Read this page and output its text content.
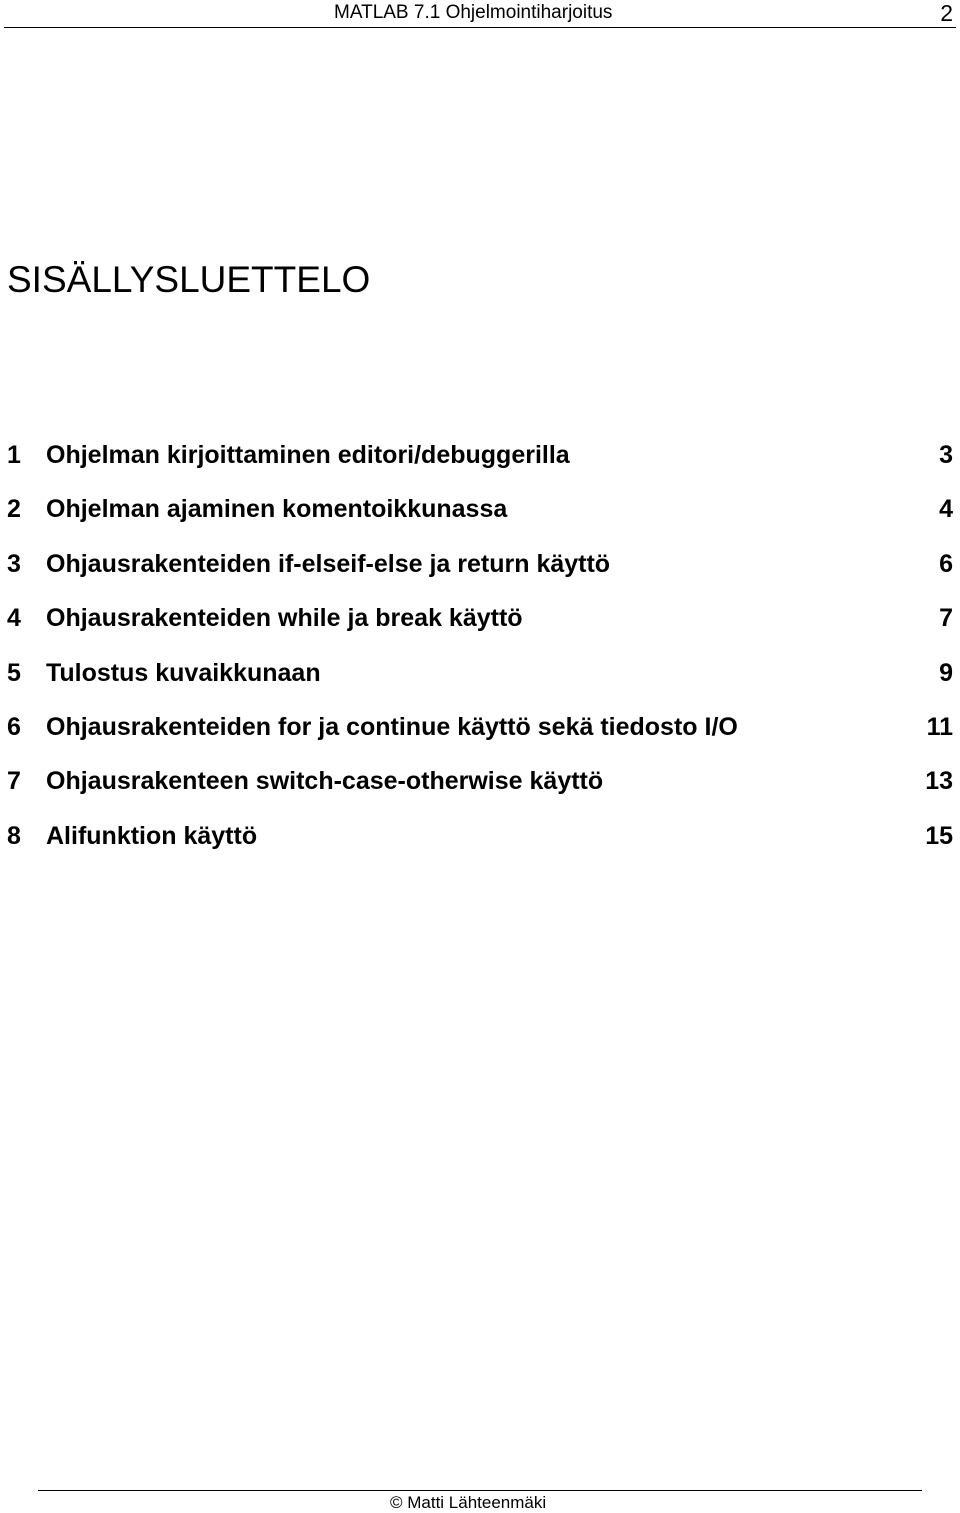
MATLAB 7.1 Ohjelmointiharjoitus	2
SISÄLLYSLUETTELO
1 Ohjelman kirjoittaminen editori/debuggerilla	3
2 Ohjelman ajaminen komentoikkunassa	4
3 Ohjausrakenteiden if-elseif-else ja return käyttö	6
4 Ohjausrakenteiden while ja break käyttö	7
5 Tulostus kuvaikkunaan	9
6 Ohjausrakenteiden for ja continue käyttö sekä tiedosto I/O	11
7 Ohjausrakenteen switch-case-otherwise käyttö	13
8 Alifunktion käyttö	15
© Matti Lähteenmäki
